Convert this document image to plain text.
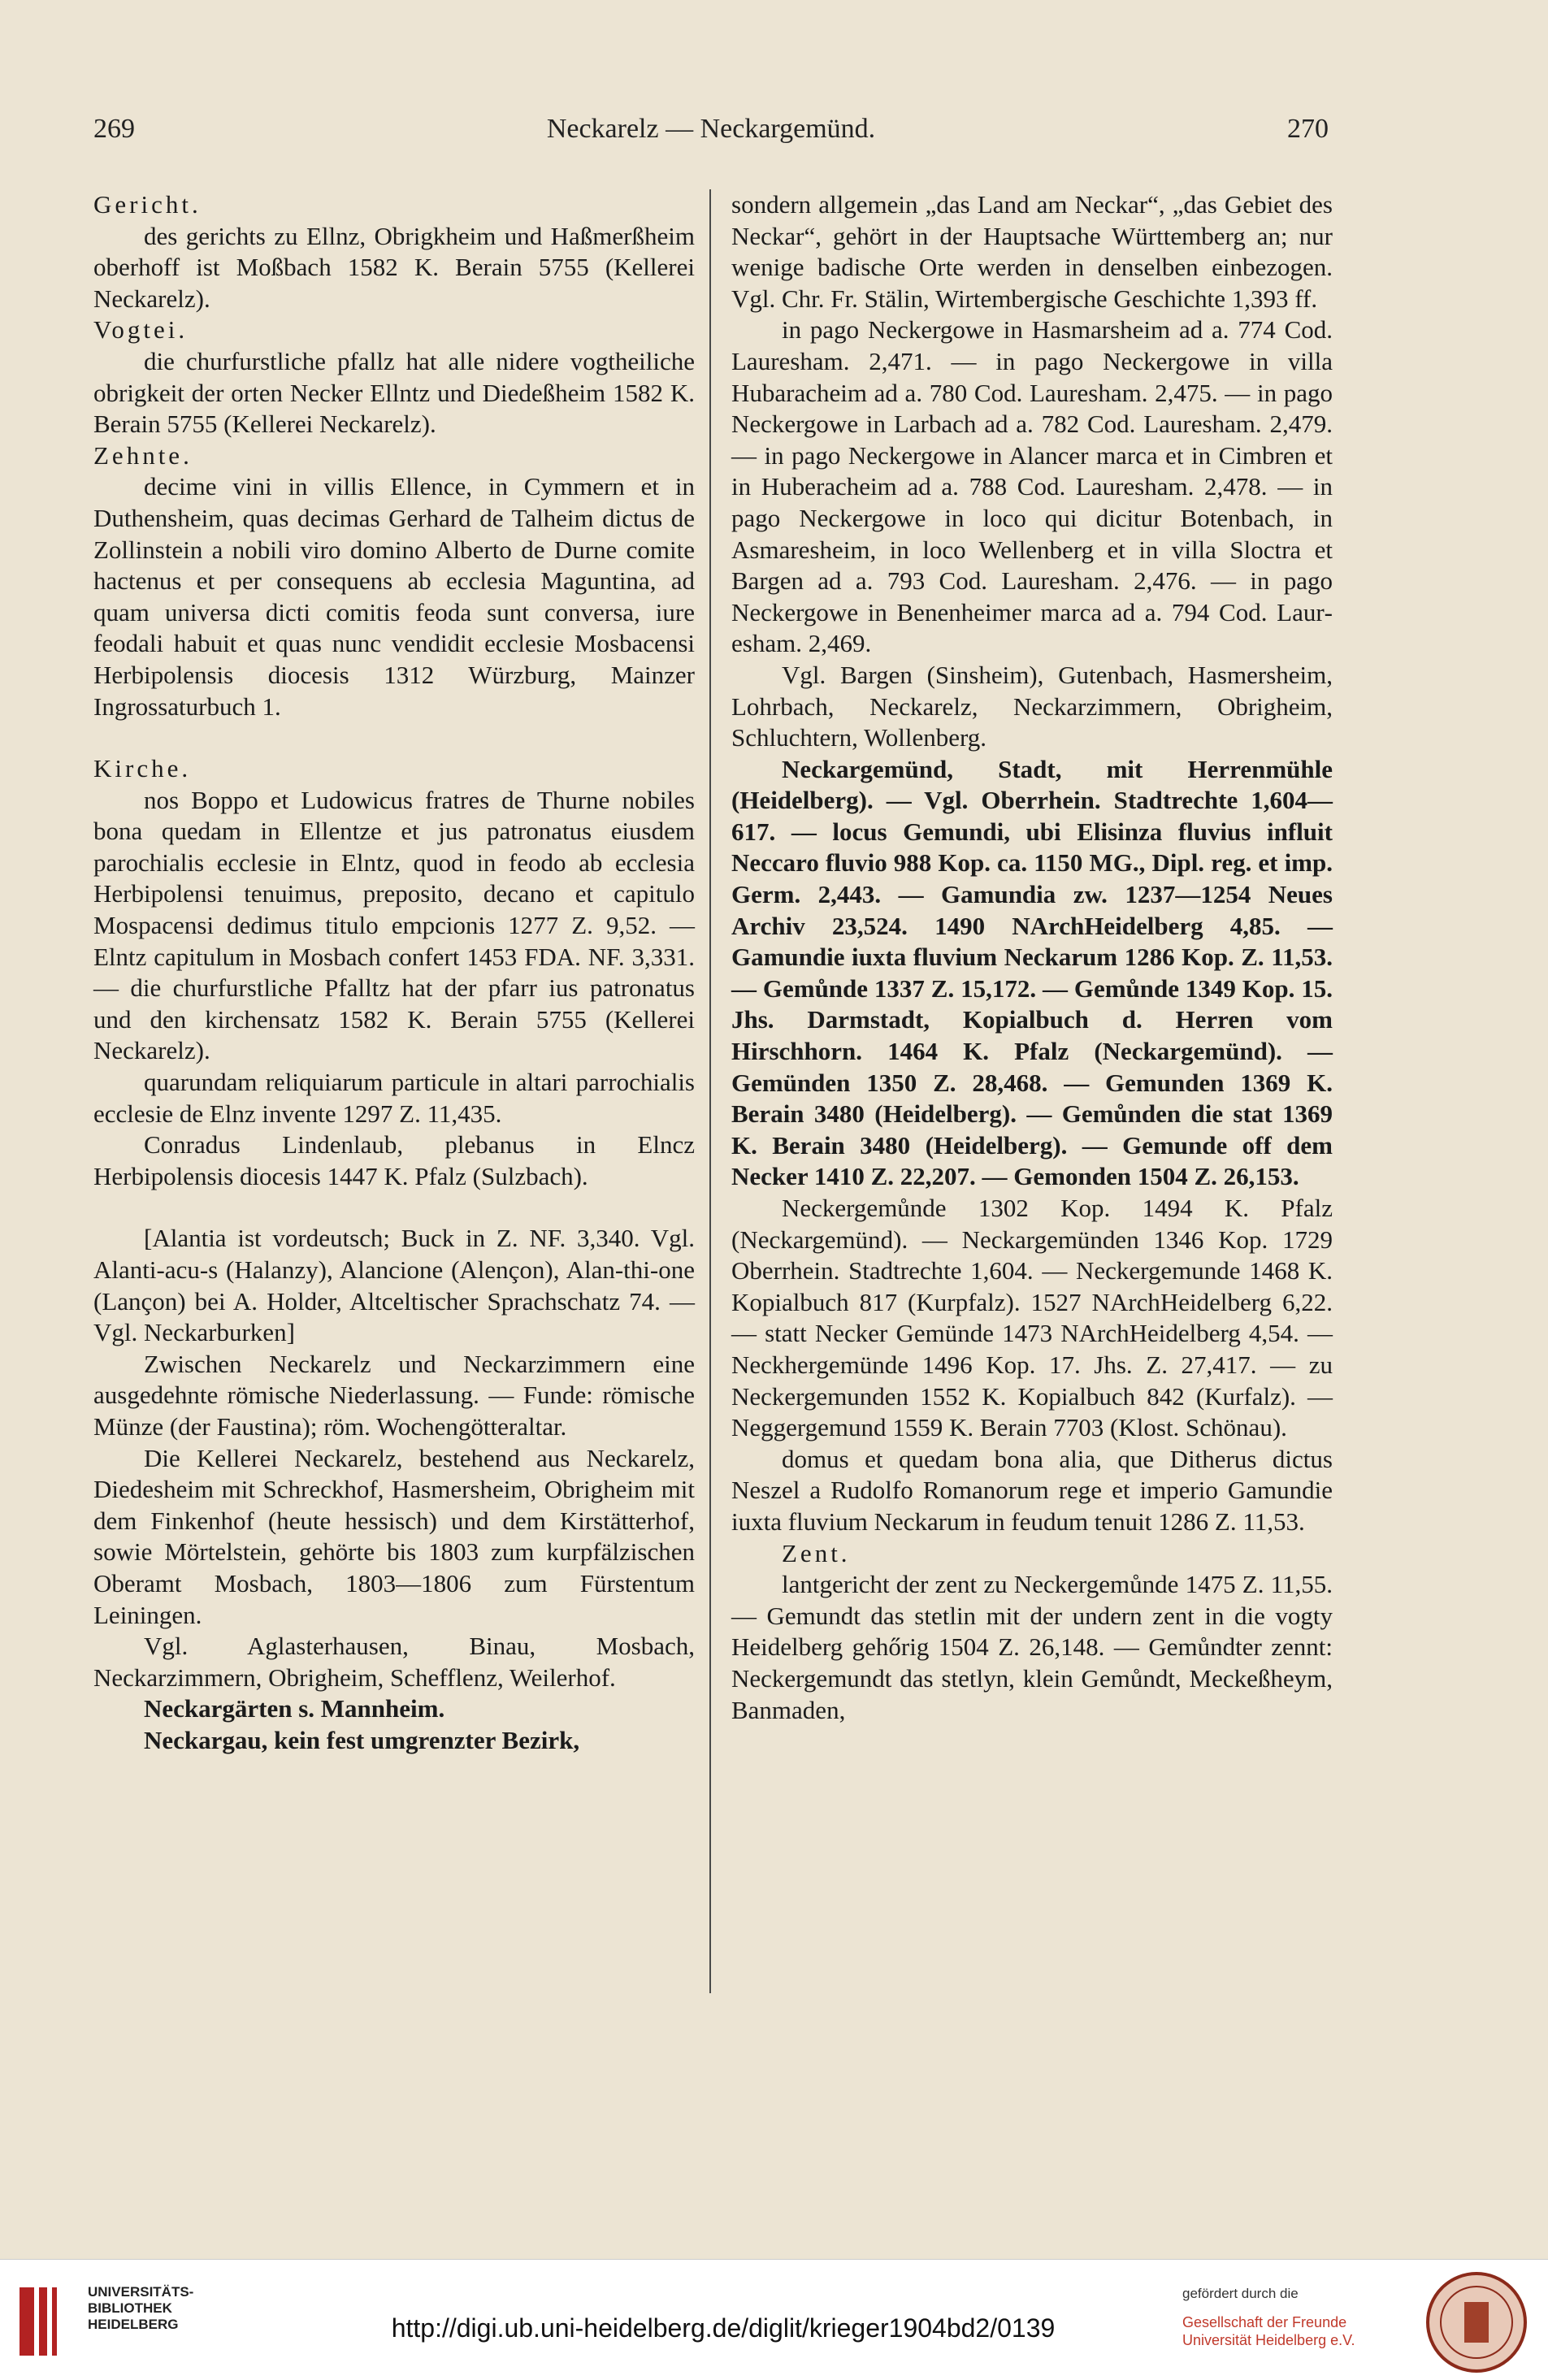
269	Neckarelz — Neckargemünd.	270

Gericht.

des gerichts zu Ellnz, Obrigkheim und Haßmerßheim oberhoff ist Moßbach 1582 K. Berain 5755 (Kellerei Neckarelz).

Vogtei.

die churfurstliche pfallz hat alle nidere vogtheiliche obrigkeit der orten Necker Ellntz und Diedeßheim 1582 K. Berain 5755 (Kellerei Neckarelz).

Zehnte.

decime vini in villis Ellence, in Cymmern et in Duthensheim, quas decimas Gerhard de Talheim dictus de Zollinstein a nobili viro domino Alberto de Durne comite hactenus et per consequens ab ecclesia Maguntina, ad quam universa dicti comitis feoda sunt conversa, iure feodali habuit et quas nunc vendidit ecclesie Mosbacensi Herbipolensis diocesis 1312 Würzburg, Mainzer Ingrossaturbuch 1.

Kirche.

nos Boppo et Ludowicus fratres de Thurne nobiles bona quedam in Ellentze et jus patronatus eiusdem parochialis ecclesie in Elntz, quod in feodo ab ecclesia Herbipolensi tenuimus, preposito, decano et capitulo Mospacensi dedimus titulo empcionis 1277 Z. 9,52. — Elntz capitulum in Mosbach confert 1453 FDA. NF. 3,331. — die churfurstliche Pfalltz hat der pfarr ius patronatus und den kirchensatz 1582 K. Berain 5755 (Kellerei Neckarelz).

quarundam reliquiarum particule in altari parrochialis ecclesie de Elnz invente 1297 Z. 11,435.

Conradus Lindenlaub, plebanus in Elncz Herbipolensis diocesis 1447 K. Pfalz (Sulzbach).

[Alantia ist vordeutsch; Buck in Z. NF. 3,340. Vgl. Alanti-acu-s (Halanzy), Alancione (Alençon), Alan-thi-one (Lançon) bei A. Holder, Altceltischer Sprachschatz 74. — Vgl. Neckarburken]

Zwischen Neckarelz und Neckarzimmern eine ausgedehnte römische Niederlassung. — Funde: römische Münze (der Faustina); röm. Wochengötteraltar.

Die Kellerei Neckarelz, bestehend aus Neckarelz, Diedesheim mit Schreckhof, Hasmersheim, Obrigheim mit dem Finkenhof (heute hessisch) und dem Kirstätterhof, sowie Mörtelstein, gehörte bis 1803 zum kurpfälzischen Oberamt Mosbach, 1803—1806 zum Fürstentum Leiningen.

Vgl. Aglasterhausen, Binau, Mosbach, Neckarzimmern, Obrigheim, Schefflenz, Weilerhof.

Neckargärten s. Mannheim.

Neckargau, kein fest umgrenzter Bezirk,

sondern allgemein „das Land am Neckar“, „das Gebiet des Neckar“, gehört in der Hauptsache Württemberg an; nur wenige badische Orte werden in denselben einbezogen. Vgl. Chr. Fr. Stälin, Wirtembergische Geschichte 1,393 ff.

in pago Neckergowe in Hasmarsheim ad a. 774 Cod. Lauresham. 2,471. — in pago Neckergowe in villa Hubaracheim ad a. 780 Cod. Lauresham. 2,475. — in pago Neckergowe in Larbach ad a. 782 Cod. Lauresham. 2,479. — in pago Neckergowe in Alancer marca et in Cimbren et in Huberacheim ad a. 788 Cod. Lauresham. 2,478. — in pago Neckergowe in loco qui dicitur Botenbach, in Asmaresheim, in loco Wellenberg et in villa Sloctra et Bargen ad a. 793 Cod. Lauresham. 2,476. — in pago Neckergowe in Benenheimer marca ad a. 794 Cod. Lauresham. 2,469.

Vgl. Bargen (Sinsheim), Gutenbach, Hasmersheim, Lohrbach, Neckarelz, Neckarzimmern, Obrigheim, Schluchtern, Wollenberg.

Neckargemünd, Stadt, mit Herrenmühle (Heidelberg). — Vgl. Oberrhein. Stadtrechte 1,604—617. — locus Gemundi, ubi Elisinza fluvius influit Neccaro fluvio 988 Kop. ca. 1150 MG., Dipl. reg. et imp. Germ. 2,443. — Gamundia zw. 1237—1254 Neues Archiv 23,524. 1490 NArchHeidelberg 4,85. — Gamundie iuxta fluvium Neckarum 1286 Kop. Z. 11,53. — Gemůnde 1337 Z. 15,172. — Gemůnde 1349 Kop. 15. Jhs. Darmstadt, Kopialbuch d. Herren vom Hirschhorn. 1464 K. Pfalz (Neckargemünd). — Gemünden 1350 Z. 28,468. — Gemunden 1369 K. Berain 3480 (Heidelberg). — Gemůnden die stat 1369 K. Berain 3480 (Heidelberg). — Gemunde off dem Necker 1410 Z. 22,207. — Gemonden 1504 Z. 26,153.

Neckergemůnde 1302 Kop. 1494 K. Pfalz (Neckargemünd). — Neckargemünden 1346 Kop. 1729 Oberrhein. Stadtrechte 1,604. — Neckergemunde 1468 K. Kopialbuch 817 (Kurpfalz). 1527 NArchHeidelberg 6,22. — statt Necker Gemünde 1473 NArchHeidelberg 4,54. — Neckhergemünde 1496 Kop. 17. Jhs. Z. 27,417. — zu Neckergemunden 1552 K. Kopialbuch 842 (Kurfalz). — Neggergemund 1559 K. Berain 7703 (Klost. Schönau).

domus et quedam bona alia, que Ditherus dictus Neszel a Rudolfo Romanorum rege et imperio Gamundie iuxta fluvium Neckarum in feudum tenuit 1286 Z. 11,53.

Zent.

lantgericht der zent zu Neckergemůnde 1475 Z. 11,55. — Gemundt das stetlin mit der undern zent in die vogty Heidelberg gehőrig 1504 Z. 26,148. — Gemůndter zennt: Neckergemundt das stetlyn, klein Gemůndt, Meckeßheym, Banmaden,

UNIVERSITÄTS-
BIBLIOTHEK
HEIDELBERG	http://digi.ub.uni-heidelberg.de/diglit/krieger1904bd2/0139
gefördert durch die
Gesellschaft der Freunde
Universität Heidelberg e.V.
